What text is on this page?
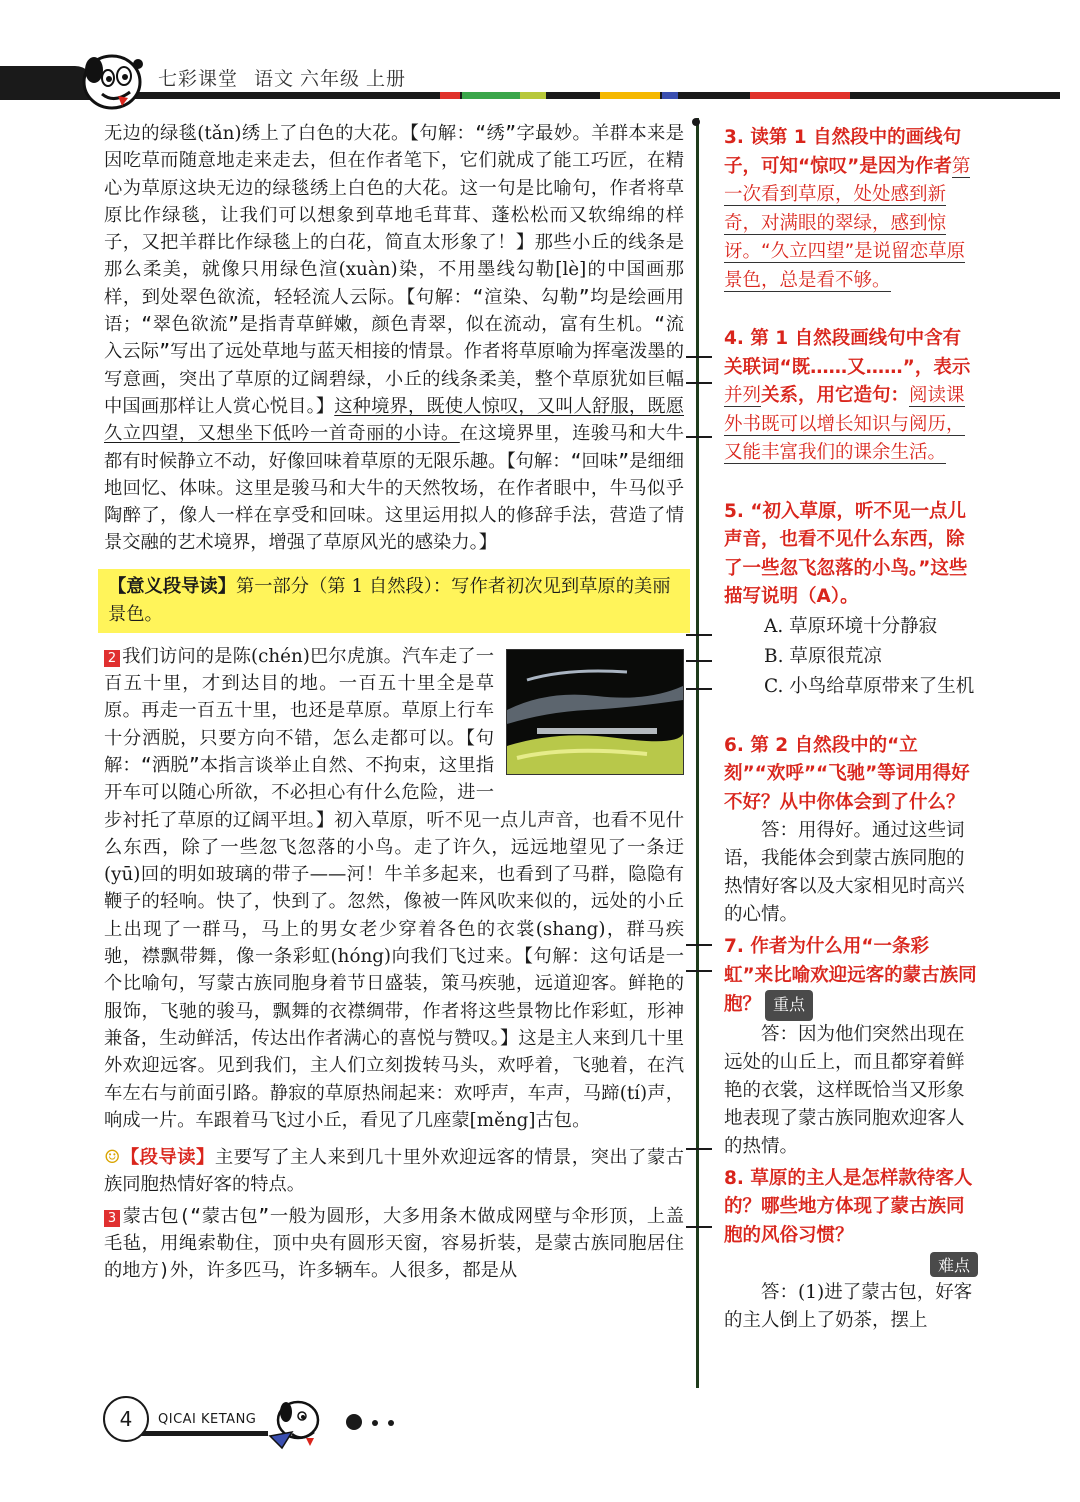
七彩课堂 语文 六年级 上册

无边的绿毯(tǎn)绣上了白色的大花。【句解：“绣”字最妙。羊群本来是因吃草而随意地走来走去，但在作者笔下，它们就成了能工巧匠，在精心为草原这块无边的绿毯绣上白色的大花。这一句是比喻句，作者将草原比作绿毯，让我们可以想象到草地毛茸茸、蓬松松而又软绵绵的样子，又把羊群比作绿毯上的白花，简直太形象了！】那些小丘的线条是那么柔美，就像只用绿色渲(xuàn)染，不用墨线勾勒[lè]的中国画那样，到处翠色欲流，轻轻流人云际。【句解：“渲染、勾勒”均是绘画用语；“翠色欲流”是指青草鲜嫩，颜色青翠，似在流动，富有生机。“流入云际”写出了远处草地与蓝天相接的情景。作者将草原喻为挥毫泼墨的写意画，突出了草原的辽阔碧绿，小丘的线条柔美，整个草原犹如巨幅中国画那样让人赏心悦目。】这种境界，既使人惊叹，又叫人舒服，既愿久立四望，又想坐下低吟一首奇丽的小诗。在这境界里，连骏马和大牛都有时候静立不动，好像回味着草原的无限乐趣。【句解：“回味”是细细地回忆、体味。这里是骏马和大牛的天然牧场，在作者眼中，牛马似乎陶醉了，像人一样在享受和回味。这里运用拟人的修辞手法，营造了情景交融的艺术境界，增强了草原风光的感染力。】

【意义段导读】第一部分（第 1 自然段）：写作者初次见到草原的美丽景色。

2 我们访问的是陈(chén)巴尔虎旗。汽车走了一百五十里，才到达目的地。一百五十里全是草原。再走一百五十里，也还是草原。草原上行车十分洒脱，只要方向不错，怎么走都可以。【句解：“洒脱”本指言谈举止自然、不拘束，这里指开车可以随心所欲，不必担心有什么危险，进一步衬托了草原的辽阔平坦。】初入草原，听不见一点儿声音，也看不见什么东西，除了一些忽飞忽落的小鸟。走了许久，远远地望见了一条迂(yū)回的明如玻璃的带子——河！牛羊多起来，也看到了马群，隐隐有鞭子的轻响。快了，快到了。忽然，像被一阵风吹来似的，远处的小丘上出现了一群马，马上的男女老少穿着各色的衣裳(shang)，群马疾驰，襟飘带舞，像一条彩虹(hóng)向我们飞过来。【句解：这句话是一个比喻句，写蒙古族同胞身着节日盛装，策马疾驰，远道迎客。鲜艳的服饰，飞驰的骏马，飘舞的衣襟绸带，作者将这些景物比作彩虹，形神兼备，生动鲜活，传达出作者满心的喜悦与赞叹。】这是主人来到几十里外欢迎远客。见到我们，主人们立刻拨转马头，欢呼着，飞驰着，在汽车左右与前面引路。静寂的草原热闹起来：欢呼声，车声，马蹄(tí)声，响成一片。车跟着马飞过小丘，看见了几座蒙[měng]古包。

☺【段导读】主要写了主人来到几十里外欢迎远客的情景，突出了蒙古族同胞热情好客的特点。

3 蒙古包(“蒙古包”一般为圆形，大多用条木做成网壁与伞形顶，上盖毛毡，用绳索勒住，顶中央有圆形天窗，容易折装，是蒙古族同胞居住的地方)外，许多匹马，许多辆车。人很多，都是从

3. 读第 1 自然段中的画线句子，可知“惊叹”是因为作者第一次看到草原，处处感到新奇，对满眼的翠绿，感到惊讶。“久立四望”是说留恋草原景色，总是看不够。

4. 第 1 自然段画线句中含有关联词“既……又……”，表示并列关系，用它造句：阅读课外书既可以增长知识与阅历，又能丰富我们的课余生活。

5. “初入草原，听不见一点儿声音，也看不见什么东西，除了一些忽飞忽落的小鸟。”这些描写说明（A）。

A. 草原环境十分静寂

B. 草原很荒凉

C. 小鸟给草原带来了生机

6. 第 2 自然段中的“立刻”“欢呼”“飞驰”等词用得好不好？从中你体会到了什么？

答：用得好。通过这些词语，我能体会到蒙古族同胞的热情好客以及大家相见时高兴的心情。

7. 作者为什么用“一条彩虹”来比喻欢迎远客的蒙古族同胞？ 重点

答：因为他们突然出现在远处的山丘上，而且都穿着鲜艳的衣裳，这样既恰当又形象地表现了蒙古族同胞欢迎客人的热情。

8. 草原的主人是怎样款待客人的？哪些地方体现了蒙古族同胞的风俗习惯？

难点

答：(1)进了蒙古包，好客的主人倒上了奶茶，摆上

4	QICAI KETANG
